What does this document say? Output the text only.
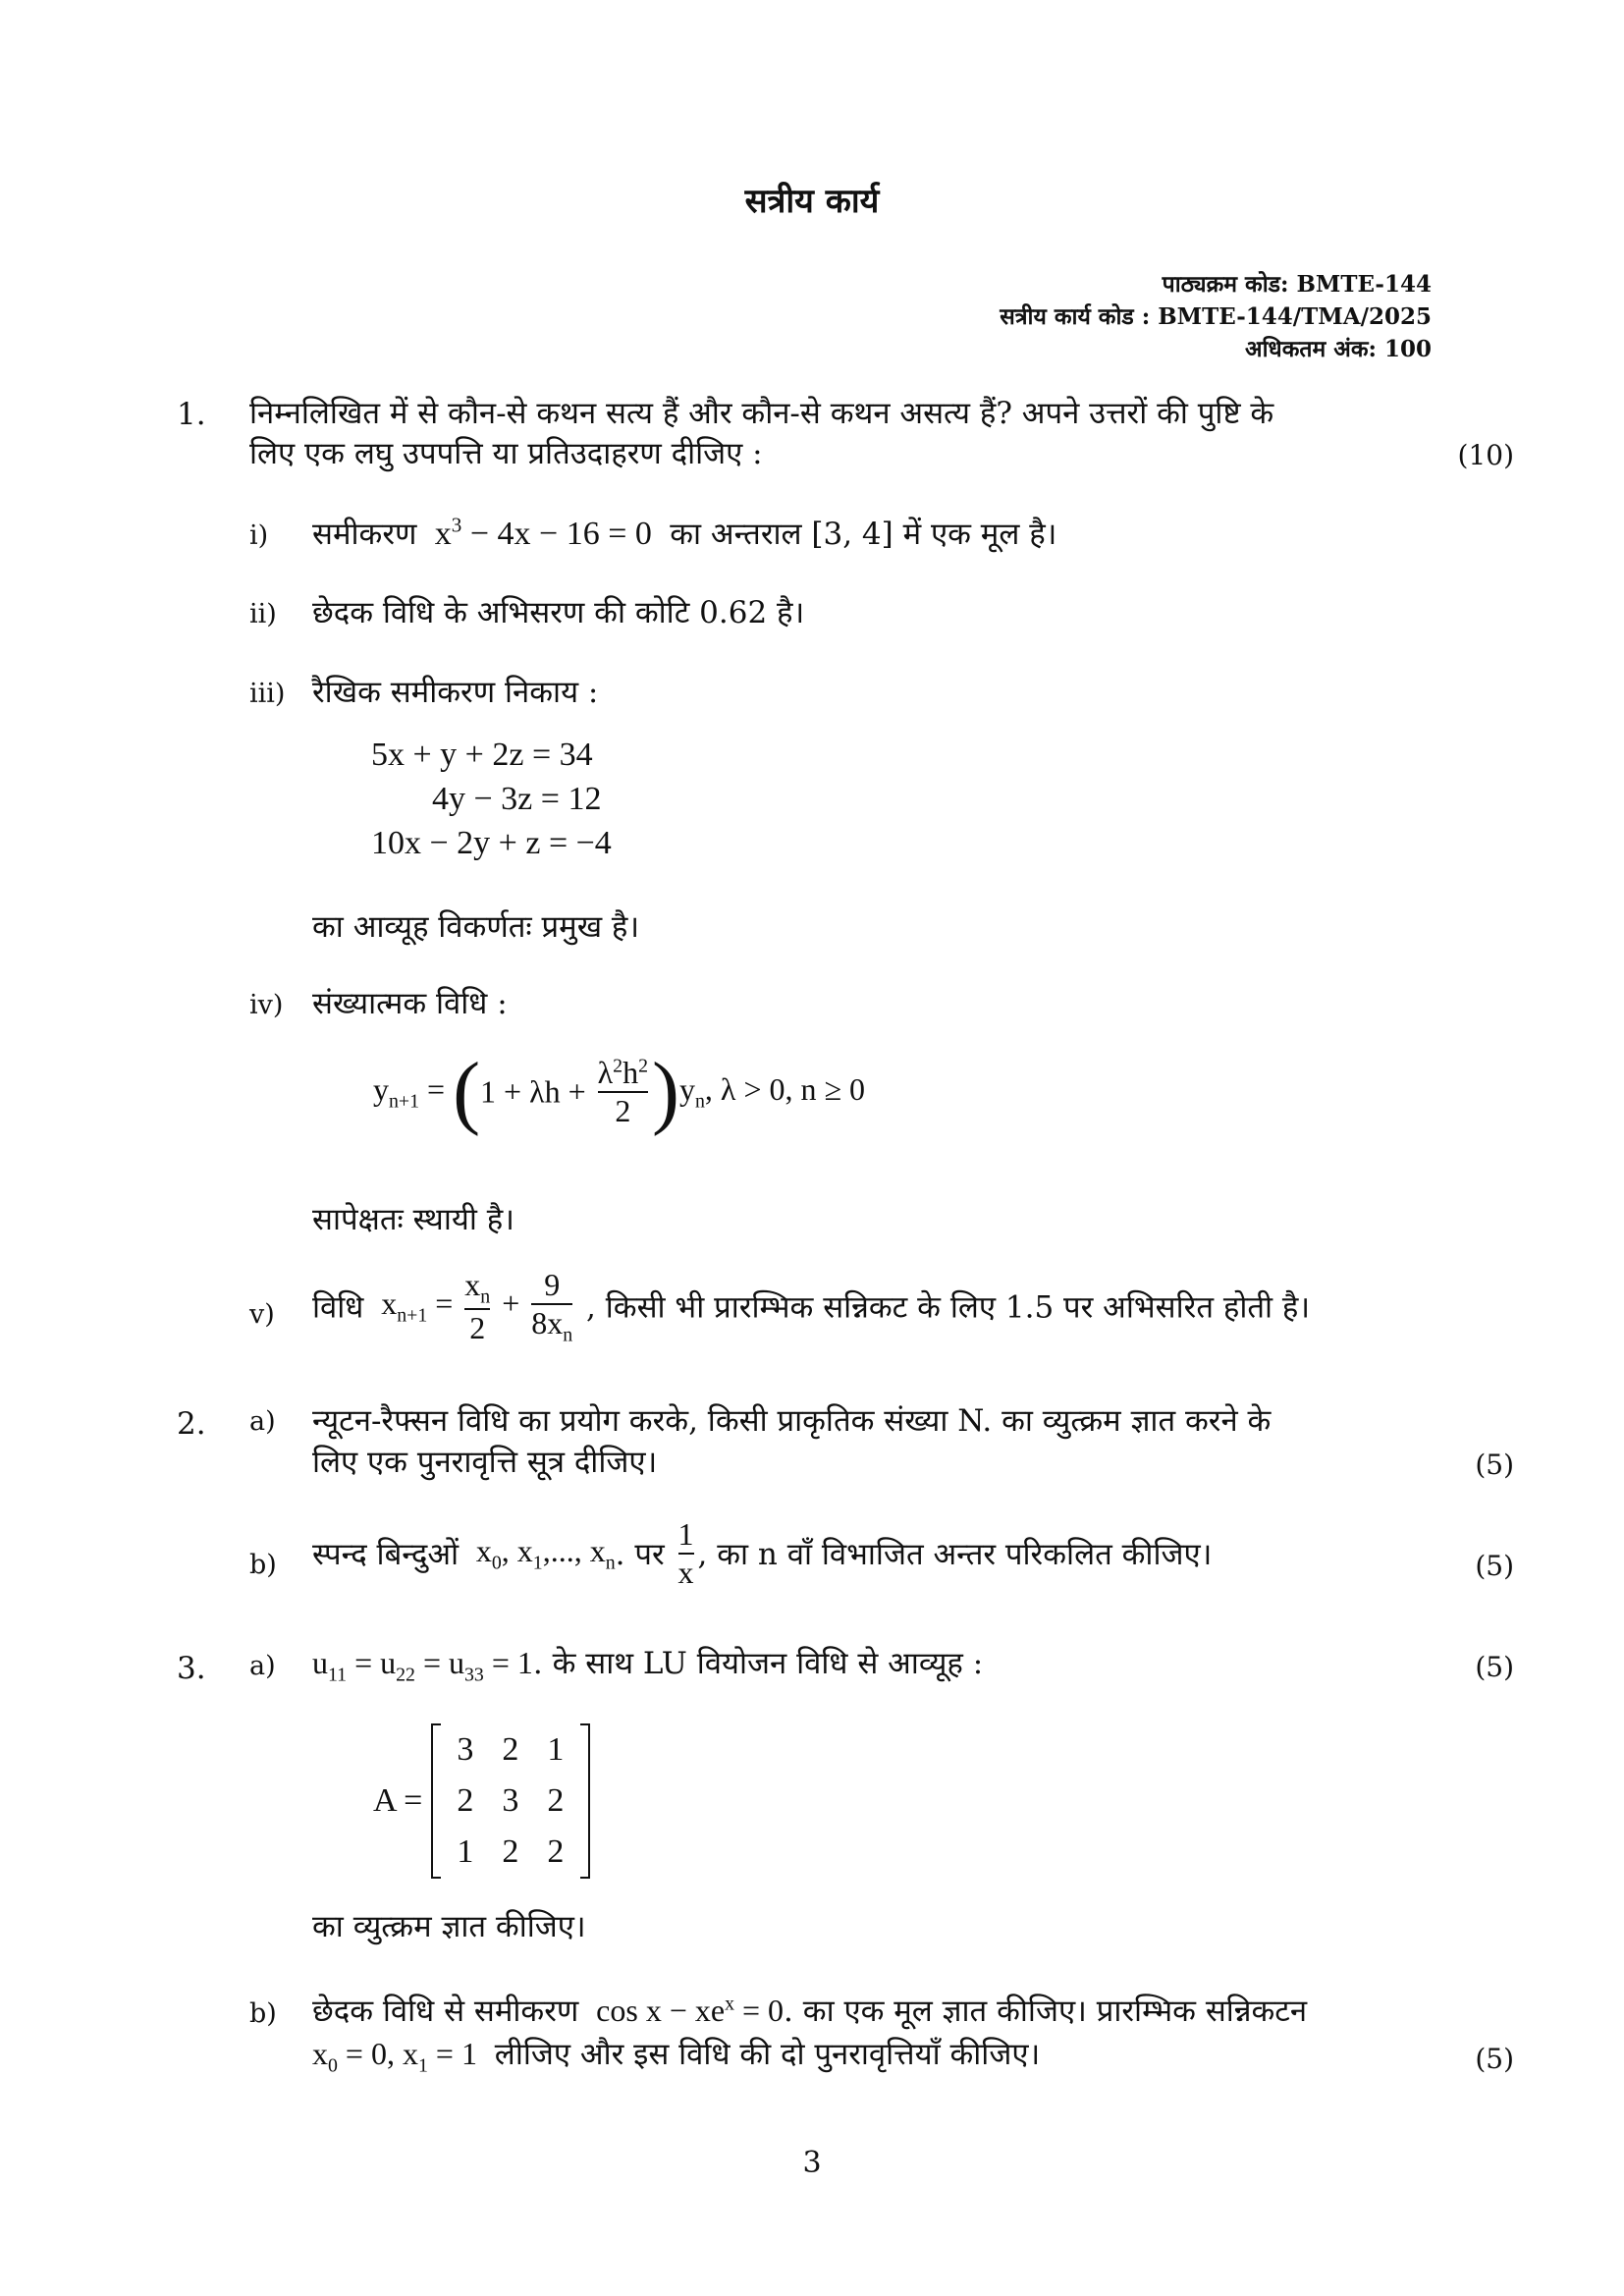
सत्रीय कार्य
पाठ्यक्रम कोड: BMTE-144
सत्रीय कार्य कोड : BMTE-144/TMA/2025
अधिकतम अंक: 100
1. निम्नलिखित में से कौन-से कथन सत्य हैं और कौन-से कथन असत्य हैं? अपने उत्तरों की पुष्टि के
लिए एक लघु उपपत्ति या प्रतिउदाहरण दीजिए :	(10)
i) समीकरण  $x^3 - 4x - 16 = 0$  का अन्तराल [3, 4] में एक मूल है।
ii) छेदक विधि के अभिसरण की कोटि 0.62 है।
iii) रैखिक समीकरण निकाय :
5x + y + 2z = 34
4y − 3z = 12
10x − 2y + z = −4
का आव्यूह विकर्णतः प्रमुख है।
iv) संख्यात्मक विधि :
$y_{n+1} = (1 + \lambda h + \frac{\lambda^2h^2}{2} )y_n$, λ > 0, n ≥ 0
सापेक्षतः स्थायी है।
v) विधि  $x_{n+1} = \frac{x_n}{2} + \frac{9}{8x_n}$ , किसी भी प्रारम्भिक सन्निकट के लिए 1.5 पर अभिसरित होती है।
2. a) न्यूटन-रैफ्सन विधि का प्रयोग करके, किसी प्राकृतिक संख्या N. का व्युत्क्रम ज्ञात करने के
लिए एक पुनरावृत्ति सूत्र दीजिए।	(5)
b) स्पन्द बिन्दुओं  $x_0$, $x_1$,..., $x_n$. पर $\frac{1}{x}$ , का n वाँ विभाजित अन्तर परिकलित कीजिए।	(5)
3. a) $u_{11} = u_{22} = u_{33} = 1$. के साथ LU वियोजन विधि से आव्यूह :	(5)
A =
3 2 1
2 3 2
1 2 2
का व्युत्क्रम ज्ञात कीजिए।
b) छेदक विधि से समीकरण  $\cos x - xe^x = 0$. का एक मूल ज्ञात कीजिए। प्रारम्भिक सन्निकटन
$x_0 = 0$, $x_1 = 1$  लीजिए और इस विधि की दो पुनरावृत्तियाँ कीजिए।	(5)
3
